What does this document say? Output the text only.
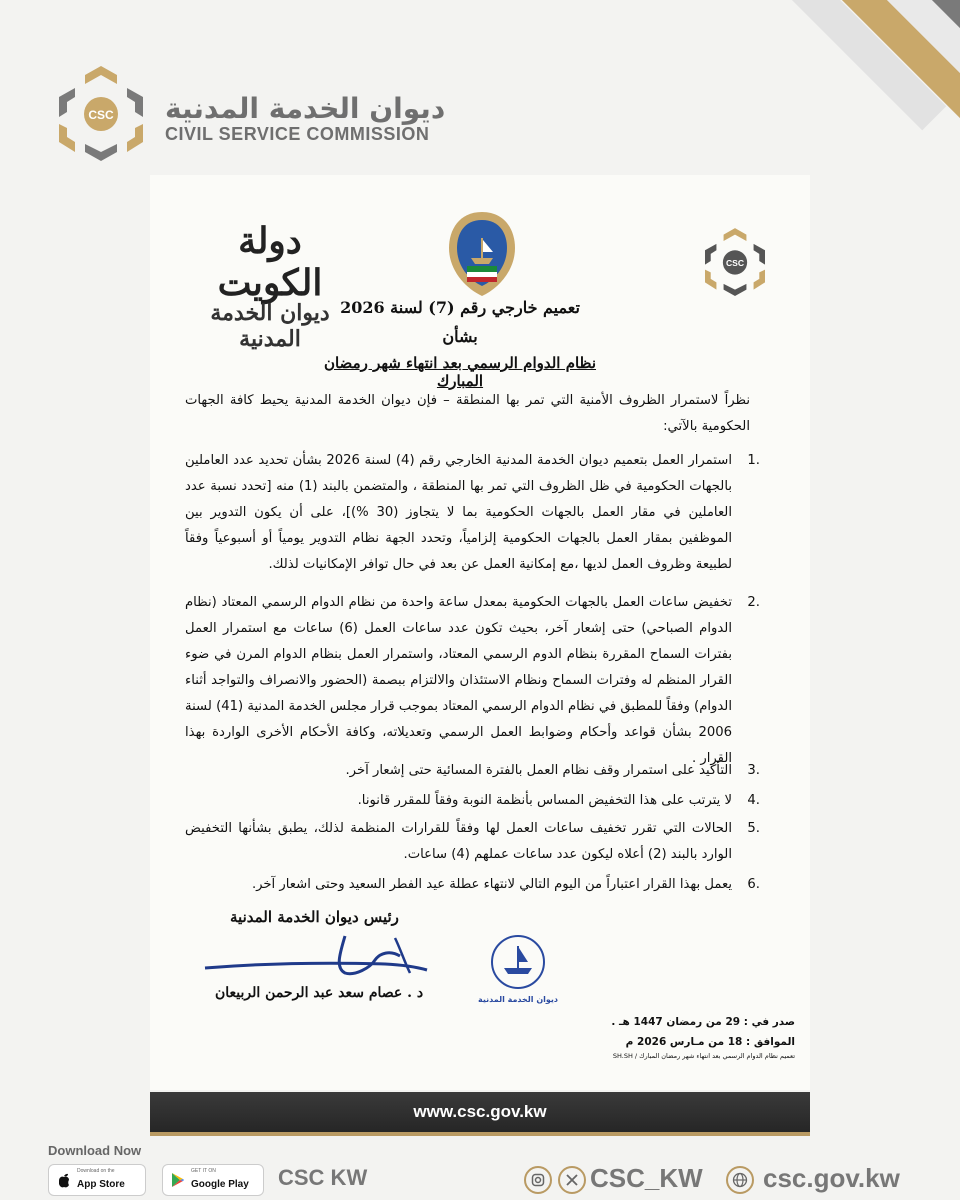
CSC ديوان الخدمة المدنية
CIVIL SERVICE COMMISSION
دولة الكويت
ديوان الخدمة المدنية
CSC
تعميم خارجي رقم (7) لسنة 2026
بشأن
نظام الدوام الرسمي بعد انتهاء شهر رمضان المبارك
نظراً لاستمرار الظروف الأمنية التي تمر بها المنطقة – فإن ديوان الخدمة المدنية يحيط كافة الجهات الحكومية بالآتي:
.1
استمرار العمل بتعميم ديوان الخدمة المدنية الخارجي رقم (4) لسنة 2026 بشأن تحديد عدد العاملين بالجهات الحكومية في ظل الظروف التي تمر بها المنطقة ، والمتضمن بالبند (1) منه [تحدد نسبة عدد العاملين في مقار العمل بالجهات الحكومية بما لا يتجاوز (30 %)]، على أن يكون التدوير بين الموظفين بمقار العمل بالجهات الحكومية إلزامياً، وتحدد الجهة نظام التدوير يومياً أو أسبوعياً وفقاً لطبيعة وظروف العمل لديها ،مع إمكانية العمل عن بعد في حال توافر الإمكانيات لذلك.
.2
تخفيض ساعات العمل بالجهات الحكومية بمعدل ساعة واحدة من نظام الدوام الرسمي المعتاد (نظام الدوام الصباحي) حتى إشعار آخر، بحيث تكون عدد ساعات العمل (6) ساعات مع استمرار العمل بفترات السماح المقررة بنظام الدوم الرسمي المعتاد، واستمرار العمل بنظام الدوام المرن في ضوء القرار المنظم له وفترات السماح ونظام الاستئذان والالتزام ببصمة (الحضور والانصراف والتواجد أثناء الدوام) وفقاً للمطبق في نظام الدوام الرسمي المعتاد بموجب قرار مجلس الخدمة المدنية (41) لسنة 2006 بشأن قواعد وأحكام وضوابط العمل الرسمي وتعديلاته، وكافة الأحكام الأخرى الواردة بهذا القرار .
.3
التأكيد على استمرار وقف نظام العمل بالفترة المسائية حتى إشعار آخر.
.4
لا يترتب على هذا التخفيض المساس بأنظمة النوبة وفقاً للمقرر قانونا.
.5
الحالات التي تقرر تخفيف ساعات العمل لها وفقاً للقرارات المنظمة لذلك، يطبق بشأنها التخفيض الوارد بالبند (2) أعلاه ليكون عدد ساعات عملهم (4) ساعات.
.6
يعمل بهذا القرار اعتباراً من اليوم التالي لانتهاء عطلة عيد الفطر السعيد وحتى اشعار آخر.
رئيس ديوان الخدمة المدنية
د . عصام سعد عبد الرحمن الربيعان	ديوان الخدمة المدنية
صدر في : 29 من رمضان 1447 هـ .
الموافق : 18 من مـارس 2026 م
تعميم نظام الدوام الرسمي بعد انتهاء شهر رمضان المبارك / SH.SH
www.csc.gov.kw
Download Now
Download on the
App Store
GET IT ON
Google Play CSC KW	CSC_KW csc.gov.kw
